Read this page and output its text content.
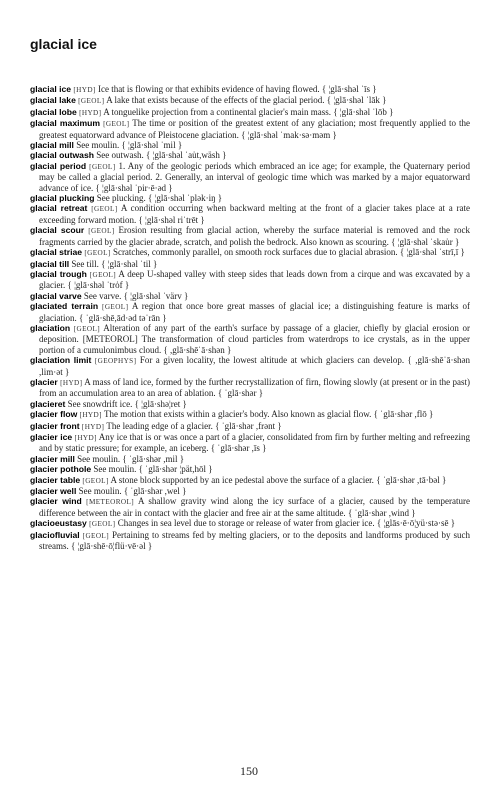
glacial ice

glacial ice [HYD] Ice that is flowing or that exhibits evidence of having flowed. { ¦glā·shəl ˈīs }

glacial lake [GEOL] A lake that exists because of the effects of the glacial period. { ¦glā·shəl ˈlāk }

glacial lobe [HYD] A tonguelike projection from a continental glacier's main mass. { ¦glā·shəl ˈlōb }

glacial maximum [GEOL] The time or position of the greatest extent of any glaciation; most frequently applied to the greatest equatorward advance of Pleistocene glaciation. { ¦glā·shəl ˈmak·sə·məm }

glacial mill See moulin. { ¦glā·shəl ˈmil }

glacial outwash See outwash. { ¦glā·shəl ˈau̇t,wäsh }

glacial period [GEOL] 1. Any of the geologic periods which embraced an ice age; for example, the Quaternary period may be called a glacial period. 2. Generally, an interval of geologic time which was marked by a major equatorward advance of ice. { ¦glā·shəl ˈpir·ē·əd }

glacial plucking See plucking. { ¦glā·shəl ˈplək·iŋ }

glacial retreat [GEOL] A condition occurring when backward melting at the front of a glacier takes place at a rate exceeding forward motion. { ¦glā·shəl riˈtrēt }

glacial scour [GEOL] Erosion resulting from glacial action, whereby the surface material is removed and the rock fragments carried by the glacier abrade, scratch, and polish the bedrock. Also known as scouring. { ¦glā·shəl ˈskau̇r }

glacial striae [GEOL] Scratches, commonly parallel, on smooth rock surfaces due to glacial abrasion. { ¦glā·shəl ˈstrī,ī }

glacial till See till. { ¦glā·shəl ˈtil }

glacial trough [GEOL] A deep U-shaped valley with steep sides that leads down from a cirque and was excavated by a glacier. { ¦glā·shəl ˈtrȯf }

glacial varve See varve. { ¦glā·shəl ˈvärv }

glaciated terrain [GEOL] A region that once bore great masses of glacial ice; a distinguishing feature is marks of glaciation. { ˈglā·shē,ād·əd təˈrān }

glaciation [GEOL] Alteration of any part of the earth's surface by passage of a glacier, chiefly by glacial erosion or deposition. [METEOROL] The transformation of cloud particles from waterdrops to ice crystals, as in the upper portion of a cumulonimbus cloud. { ,glā·shēˈā·shən }

glaciation limit [GEOPHYS] For a given locality, the lowest altitude at which glaciers can develop. { ,glā·shēˈā·shən ,lim·ət }

glacier [HYD] A mass of land ice, formed by the further recrystallization of firn, flowing slowly (at present or in the past) from an accumulation area to an area of ablation. { ˈglā·shər }

glacieret See snowdrift ice. { ¦glā·shə¦ret }

glacier flow [HYD] The motion that exists within a glacier's body. Also known as glacial flow. { ˈglā·shər ,flō }

glacier front [HYD] The leading edge of a glacier. { ˈglā·shər ,frənt }

glacier ice [HYD] Any ice that is or was once a part of a glacier, consolidated from firn by further melting and refreezing and by static pressure; for example, an iceberg. { ˈglā·shər ,īs }

glacier mill See moulin. { ˈglā·shər ,mil }

glacier pothole See moulin. { ˈglā·shər ¦pät,hōl }

glacier table [GEOL] A stone block supported by an ice pedestal above the surface of a glacier. { ˈglā·shər ,tā·bəl }

glacier well See moulin. { ˈglā·shər ,wel }

glacier wind [METEOROL] A shallow gravity wind along the icy surface of a glacier, caused by the temperature difference between the air in contact with the glacier and free air at the same altitude. { ˈglā·shər ,wind }

glacioeustasy [GEOL] Changes in sea level due to storage or release of water from glacier ice. { ¦glās·ē·ō¦yü·stə·sē }

glaciofluvial [GEOL] Pertaining to streams fed by melting glaciers, or to the deposits and landforms produced by such streams. { ¦glā·shē·ō¦flü·vē·əl }

150
